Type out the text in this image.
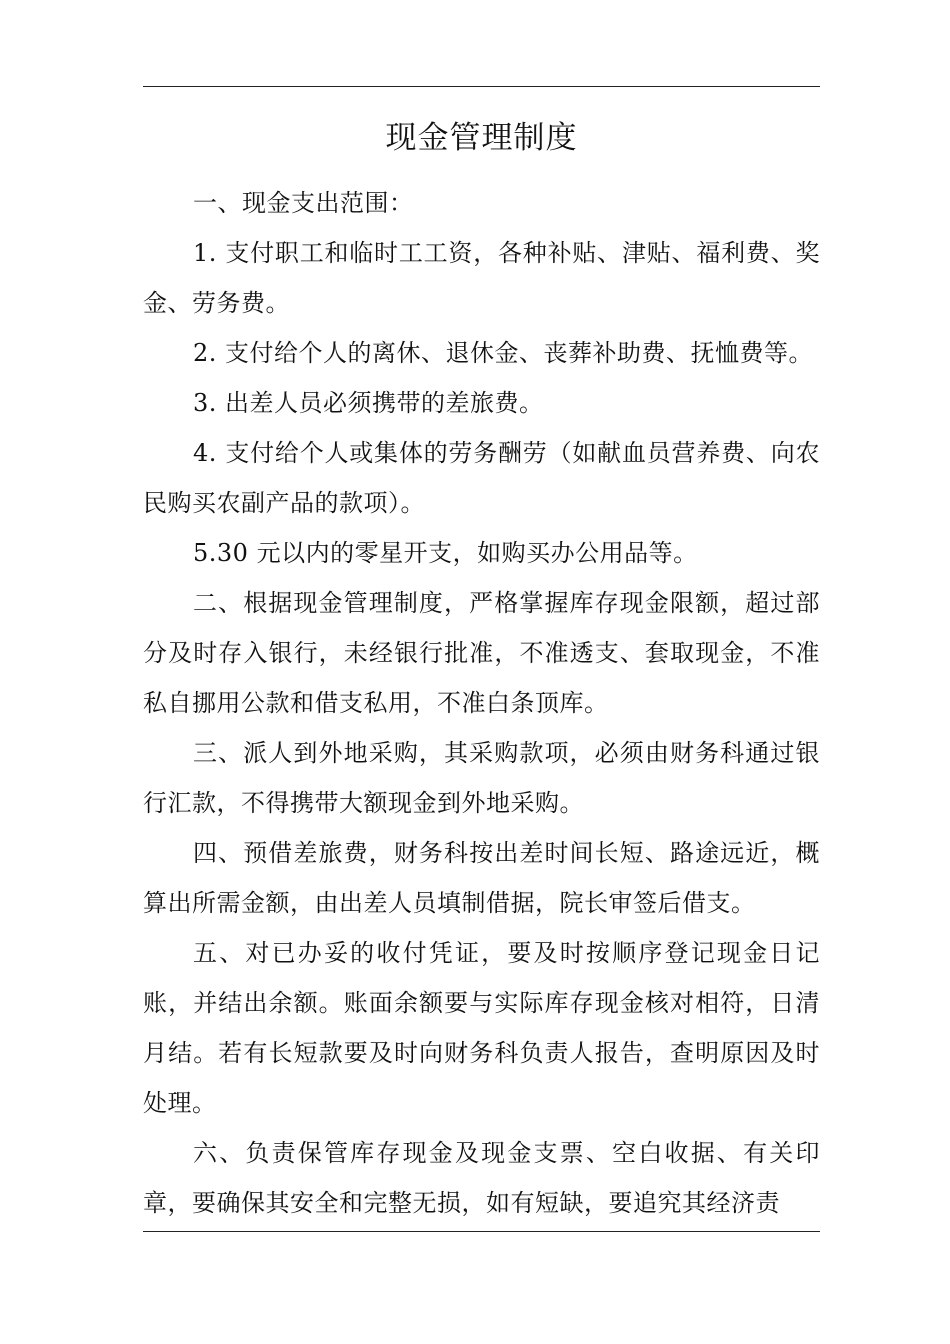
现金管理制度

一、现金支出范围：

1. 支付职工和临时工工资，各种补贴、津贴、福利费、奖金、劳务费。

2. 支付给个人的离休、退休金、丧葬补助费、抚恤费等。

3. 出差人员必须携带的差旅费。

4. 支付给个人或集体的劳务酬劳（如献血员营养费、向农民购买农副产品的款项）。

5.30 元以内的零星开支，如购买办公用品等。

二、根据现金管理制度，严格掌握库存现金限额，超过部分及时存入银行，未经银行批准，不准透支、套取现金，不准私自挪用公款和借支私用，不准白条顶库。

三、派人到外地采购，其采购款项，必须由财务科通过银行汇款，不得携带大额现金到外地采购。

四、预借差旅费，财务科按出差时间长短、路途远近，概算出所需金额，由出差人员填制借据，院长审签后借支。

五、对已办妥的收付凭证，要及时按顺序登记现金日记账，并结出余额。账面余额要与实际库存现金核对相符，日清月结。若有长短款要及时向财务科负责人报告，查明原因及时处理。

六、负责保管库存现金及现金支票、空白收据、有关印章，要确保其安全和完整无损，如有短缺，要追究其经济责
